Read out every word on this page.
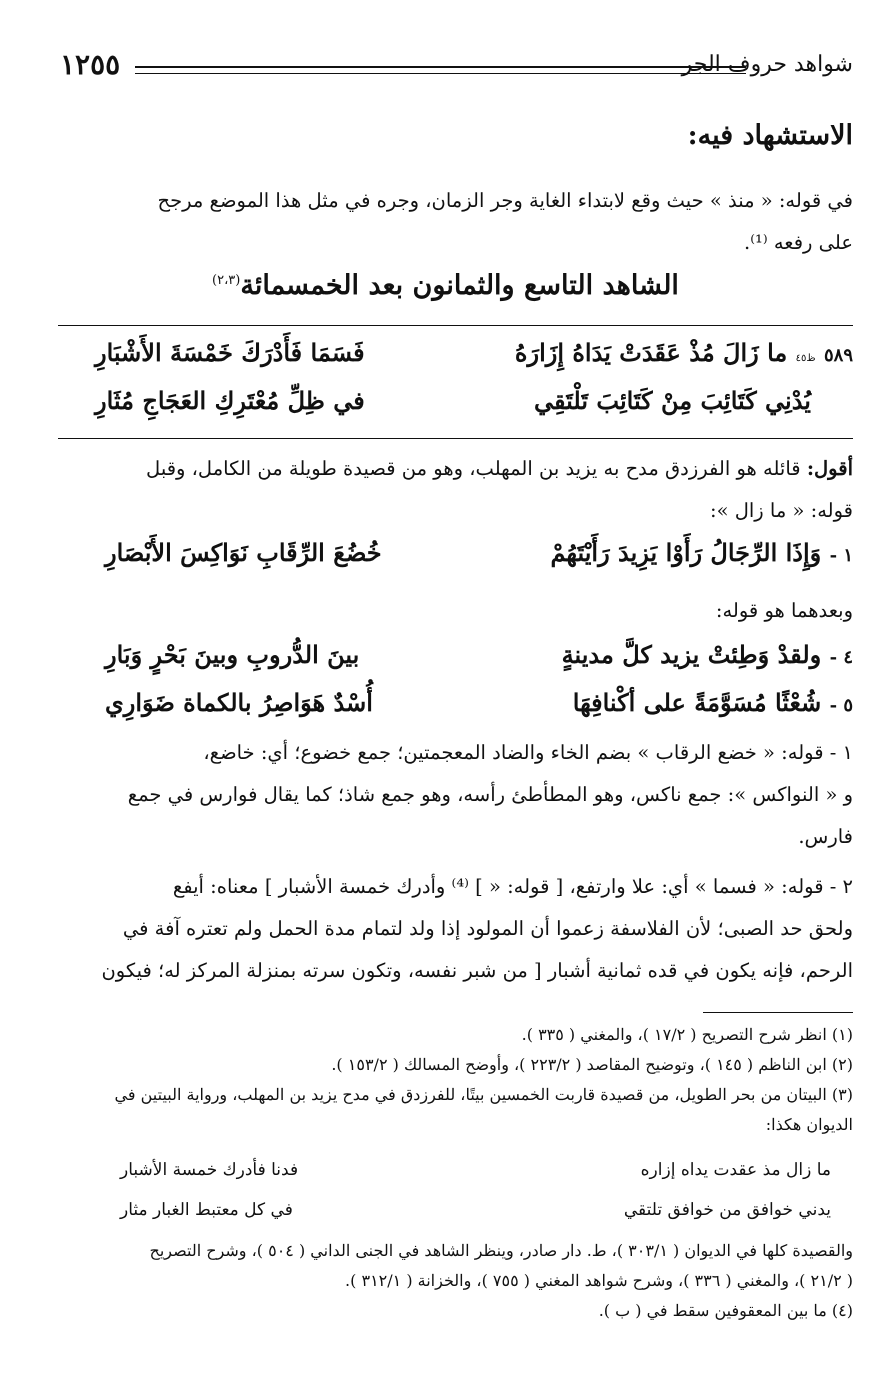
شواهد حروف الجر
١٢٥٥
الاستشهاد فيه:
في قوله: « منذ » حيث وقع لابتداء الغاية وجر الزمان، وجره في مثل هذا الموضع مرجح
على رفعه ⁽¹⁾.
الشاهد التاسع والثمانون بعد الخمسمائة$^{(٢،٣)}$
٥٨٩ ظ٤٥ ما زَالَ مُذْ عَقَدَتْ يَدَاهُ إِزَارَهُ
فَسَمَا فَأَدْرَكَ خَمْسَةَ الأَشْبَارِ
يُدْنِي كَتَائِبَ مِنْ كَتَائِبَ تَلْتَقِي
في ظِلِّ مُعْتَرِكِ العَجَاجِ مُثَارِ
أقول: قائله هو الفرزدق مدح به يزيد بن المهلب، وهو من قصيدة طويلة من الكامل، وقبل
قوله: « ما زال »:
١ - وَإِذَا الرِّجَالُ رَأَوْا يَزِيدَ رَأَيْتَهُمْ
خُضُعَ الرِّقَابِ نَوَاكِسَ الأَبْصَارِ
وبعدهما هو قوله:
٤ - ولقدْ وَطِئتْ يزيد كلَّ مدينةٍ
بينَ الدُّروبِ وبينَ بَحْرٍ وَبَارِ
٥ - شُعْثًا مُسَوَّمَةً على أكْنافِهَا
أُسْدٌ هَوَاصِرُ بالكماة ضَوَارِي
١ - قوله: « خضع الرقاب » بضم الخاء والضاد المعجمتين؛ جمع خضوع؛ أي: خاضع،
و « النواكس »: جمع ناكس، وهو المطأطئ رأسه، وهو جمع شاذ؛ كما يقال فوارس في جمع
فارس.
٢ - قوله: « فسما » أي: علا وارتفع، [ قوله: « ] ⁽⁴⁾ وأدرك خمسة الأشبار ] معناه: أيفع
ولحق حد الصبى؛ لأن الفلاسفة زعموا أن المولود إذا ولد لتمام مدة الحمل ولم تعتره آفة في
الرحم، فإنه يكون في قده ثمانية أشبار [ من شبر نفسه، وتكون سرته بمنزلة المركز له؛ فيكون
(١) انظر شرح التصريح ( ١٧/٢ )، والمغني ( ٣٣٥ ).
(٢) ابن الناظم ( ١٤٥ )، وتوضيح المقاصد ( ٢٢٣/٢ )، وأوضح المسالك ( ١٥٣/٢ ).
(٣) البيتان من بحر الطويل، من قصيدة قاربت الخمسين بيتًا، للفرزدق في مدح يزيد بن المهلب، ورواية البيتين في
الديوان هكذا:
ما زال مذ عقدت يداه إزاره
فدنا فأدرك خمسة الأشبار
يدني خوافق من خوافق تلتقي
في كل معتبط الغبار مثار
والقصيدة كلها في الديوان ( ٣٠٣/١ )، ط. دار صادر، وينظر الشاهد في الجنى الداني ( ٥٠٤ )، وشرح التصريح
( ٢١/٢ )، والمغني ( ٣٣٦ )، وشرح شواهد المغني ( ٧٥٥ )، والخزانة ( ٣١٢/١ ).
(٤) ما بين المعقوفين سقط في ( ب ).
